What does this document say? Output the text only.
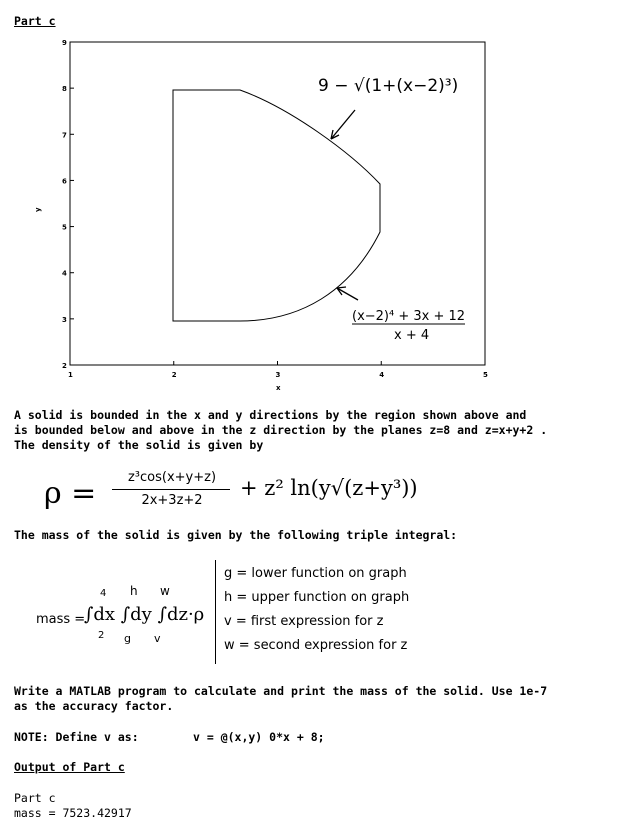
Part c
1	2	3	4	5
2
3
4
5
6
7
8
9
x
y
9 − √(1+(x−2)³)
(x−2)⁴ + 3x + 12
x + 4
A solid is bounded in the x and y directions by the region shown above and
is bounded below and above in the z direction by the planes z=8 and z=x+y+2 .
The density of the solid is given by
ρ =	z³cos(x+y+z)
2x+3z+2
+ z² ln(y√(z+y³))
The mass of the solid is given by the following triple integral:
mass =
∫dx ∫dy ∫dz·ρ
4
2
h
g
w
v
g = lower function on graph
h = upper function on graph
v = first expression for z
w = second expression for z
Write a MATLAB program to calculate and print the mass of the solid. Use 1e-7
as the accuracy factor.
NOTE: Define v as:	v = @(x,y) 0*x + 8;
Output of Part c
Part c
mass = 7523.42917
